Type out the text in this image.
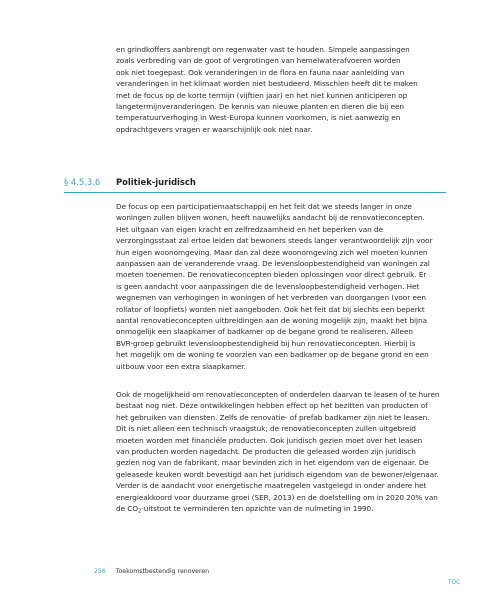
en grindkoffers aanbrengt om regenwater vast te houden. Simpele aanpassingen
zoals verbreding van de goot of vergrotingen van hemelwaterafvoeren worden
ook niet toegepast. Ook veranderingen in de flora en fauna naar aanleiding van
veranderingen in het klimaat worden niet bestudeerd. Misschien heeft dit te maken
met de focus op de korte termijn (vijftien jaar) en het niet kunnen anticiperen op
langetermijnveranderingen. De kennis van nieuwe planten en dieren die bij een
temperatuurverhoging in West-Europa kunnen voorkomen, is niet aanwezig en
opdrachtgevers vragen er waarschijnlijk ook niet naar.

§ 4.5.3.6 Politiek-juridisch

De focus op een participatiemaatschappij en het feit dat we steeds langer in onze
woningen zullen blijven wonen, heeft nauwelijks aandacht bij de renovatieconcepten.
Het uitgaan van eigen kracht en zelfredzaamheid en het beperken van de
verzorgingsstaat zal ertoe leiden dat bewoners steeds langer verantwoordelijk zijn voor
hun eigen woonomgeving. Maar dan zal deze woonomgeving zich wel moeten kunnen
aanpassen aan de veranderende vraag. De levensloopbestendigheid van woningen zal
moeten toenemen. De renovatieconcepten bieden oplossingen voor direct gebruik. Er
is geen aandacht voor aanpassingen die de levensloopbestendigheid verhogen. Het
wegnemen van verhogingen in woningen of het verbreden van doorgangen (voor een
rollator of loopfiets) worden niet aangeboden. Ook het feit dat bij slechts een beperkt
aantal renovatieconcepten uitbreidingen aan de woning mogelijk zijn, maakt het bijna
onmogelijk een slaapkamer of badkamer op de begane grond te realiseren. Alleen
BVR-groep gebruikt levensloopbestendigheid bij hun renovatieconcepten. Hierbij is
het mogelijk om de woning te voorzien van een badkamer op de begane grond en een
uitbouw voor een extra slaapkamer.

Ook de mogelijkheid om renovatieconcepten of onderdelen daarvan te leasen of te huren
bestaat nog niet. Deze ontwikkelingen hebben effect op het bezitten van producten of
het gebruiken van diensten. Zelfs de renovatie- of prefab badkamer zijn niet te leasen.
Dit is niet alleen een technisch vraagstuk; de renovatieconcepten zullen uitgebreid
moeten worden met financiële producten. Ook juridisch gezien moet over het leasen
van producten worden nagedacht. De producten die geleased worden zijn juridisch
gezien nog van de fabrikant, maar bevinden zich in het eigendom van de eigenaar. De
geleasede keuken wordt bevestigd aan het juridisch eigendom van de bewoner/eigenaar.
Verder is de aandacht voor energetische maatregelen vastgelegd in onder andere het
energieakkoord voor duurzame groei (SER, 2013) en de doelstelling om in 2020 20% van
de $CO_2$-uitstoot te verminderen ten opzichte van de nulmeting in 1990.

256 Toekomstbestendig renoveren
TOC
